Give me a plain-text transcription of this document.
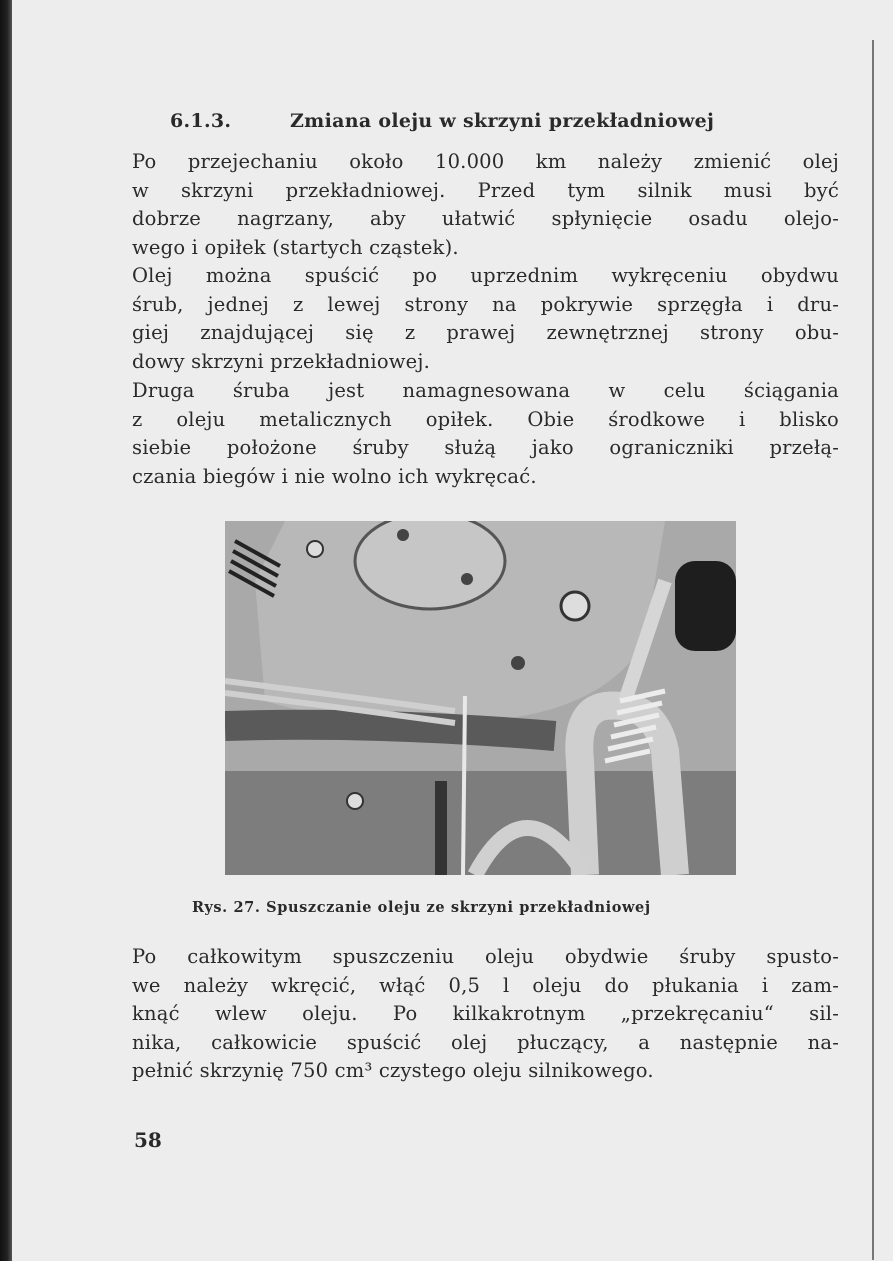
6.1.3.	Zmiana oleju w skrzyni przekładniowej
Po przejechaniu około 10.000 km należy zmienić olej
w skrzyni przekładniowej. Przed tym silnik musi być
dobrze nagrzany, aby ułatwić spłynięcie osadu olejo-
wego i opiłek (startych cząstek).
Olej można spuścić po uprzednim wykręceniu obydwu
śrub, jednej z lewej strony na pokrywie sprzęgła i dru-
giej znajdującej się z prawej zewnętrznej strony obu-
dowy skrzyni przekładniowej.
Druga śruba jest namagnesowana w celu ściągania
z oleju metalicznych opiłek. Obie środkowe i blisko
siebie położone śruby służą jako ograniczniki przełą-
czania biegów i nie wolno ich wykręcać.
Rys. 27. Spuszczanie oleju ze skrzyni przekładniowej
Po całkowitym spuszczeniu oleju obydwie śruby spusto-
we należy wkręcić, włąć 0,5 l oleju do płukania i zam-
knąć wlew oleju. Po kilkakrotnym „przekręcaniu“ sil-
nika, całkowicie spuścić olej płuczący, a następnie na-
pełnić skrzynię 750 cm³ czystego oleju silnikowego.
58
